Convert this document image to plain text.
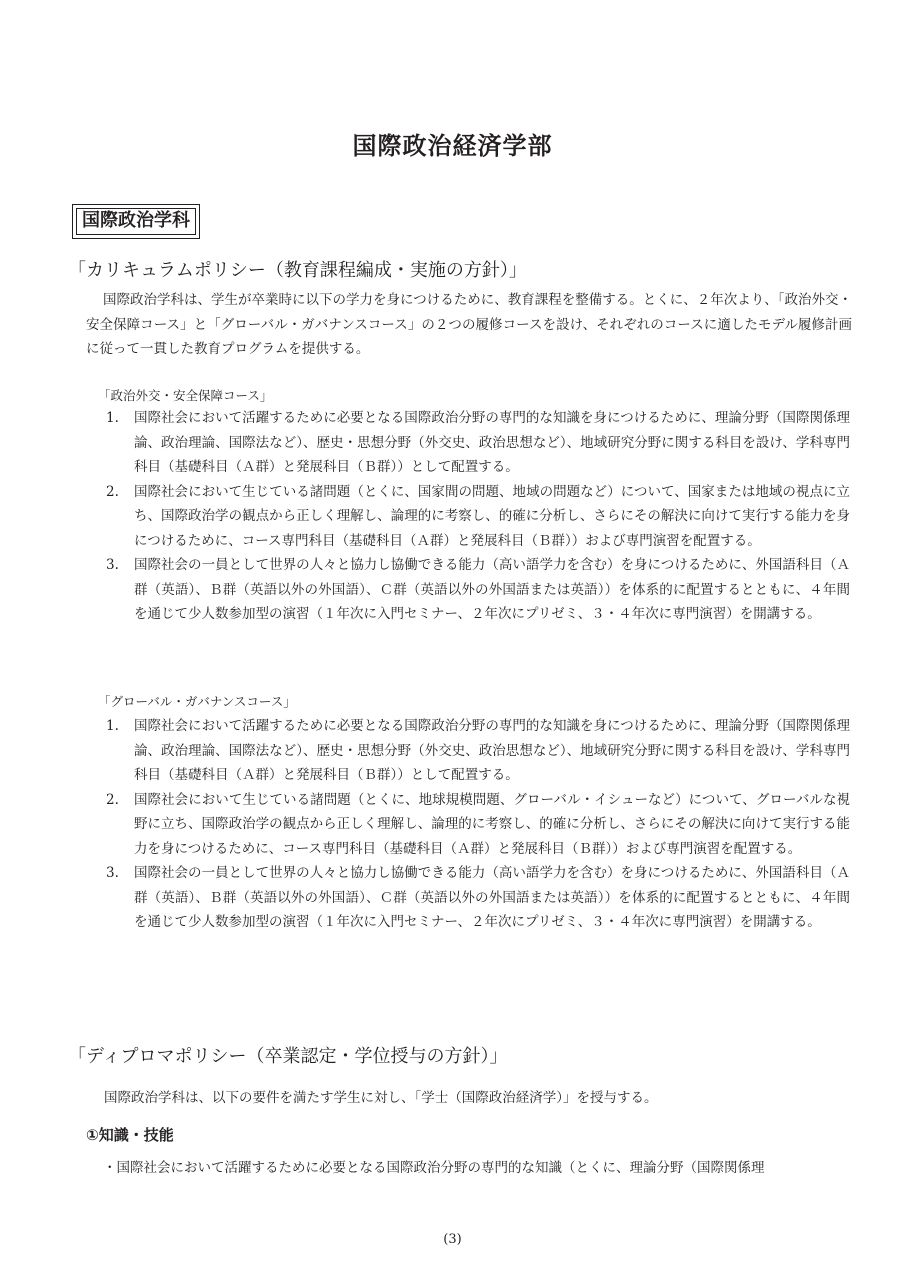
国際政治経済学部
国際政治学科
「カリキュラムポリシー（教育課程編成・実施の方針）」

国際政治学科は、学生が卒業時に以下の学力を身につけるために、教育課程を整備する。とくに、２年次より、「政治外交・安全保障コース」と「グローバル・ガバナンスコース」の２つの履修コースを設け、それぞれのコースに適したモデル履修計画に従って一貫した教育プログラムを提供する。

「政治外交・安全保障コース」
1. 国際社会において活躍するために必要となる国際政治分野の専門的な知識を身につけるために、理論分野（国際関係理論、政治理論、国際法など）、歴史・思想分野（外交史、政治思想など）、地域研究分野に関する科目を設け、学科専門科目（基礎科目（Ａ群）と発展科目（Ｂ群））として配置する。
2. 国際社会において生じている諸問題（とくに、国家間の問題、地域の問題など）について、国家または地域の視点に立ち、国際政治学の観点から正しく理解し、論理的に考察し、的確に分析し、さらにその解決に向けて実行する能力を身につけるために、コース専門科目（基礎科目（Ａ群）と発展科目（Ｂ群））および専門演習を配置する。
3. 国際社会の一員として世界の人々と協力し協働できる能力（高い語学力を含む）を身につけるために、外国語科目（Ａ群（英語）、Ｂ群（英語以外の外国語）、Ｃ群（英語以外の外国語または英語））を体系的に配置するとともに、４年間を通じて少人数参加型の演習（１年次に入門セミナー、２年次にプリゼミ、３・４年次に専門演習）を開講する。
「グローバル・ガバナンスコース」
1. 国際社会において活躍するために必要となる国際政治分野の専門的な知識を身につけるために、理論分野（国際関係理論、政治理論、国際法など）、歴史・思想分野（外交史、政治思想など）、地域研究分野に関する科目を設け、学科専門科目（基礎科目（Ａ群）と発展科目（Ｂ群））として配置する。
2. 国際社会において生じている諸問題（とくに、地球規模問題、グローバル・イシューなど）について、グローバルな視野に立ち、国際政治学の観点から正しく理解し、論理的に考察し、的確に分析し、さらにその解決に向けて実行する能力を身につけるために、コース専門科目（基礎科目（Ａ群）と発展科目（Ｂ群））および専門演習を配置する。
3. 国際社会の一員として世界の人々と協力し協働できる能力（高い語学力を含む）を身につけるために、外国語科目（Ａ群（英語）、Ｂ群（英語以外の外国語）、Ｃ群（英語以外の外国語または英語））を体系的に配置するとともに、４年間を通じて少人数参加型の演習（１年次に入門セミナー、２年次にプリゼミ、３・４年次に専門演習）を開講する。
「ディプロマポリシー（卒業認定・学位授与の方針）」

国際政治学科は、以下の要件を満たす学生に対し、「学士（国際政治経済学）」を授与する。

①知識・技能
・国際社会において活躍するために必要となる国際政治分野の専門的な知識（とくに、理論分野（国際関係理
(3)
